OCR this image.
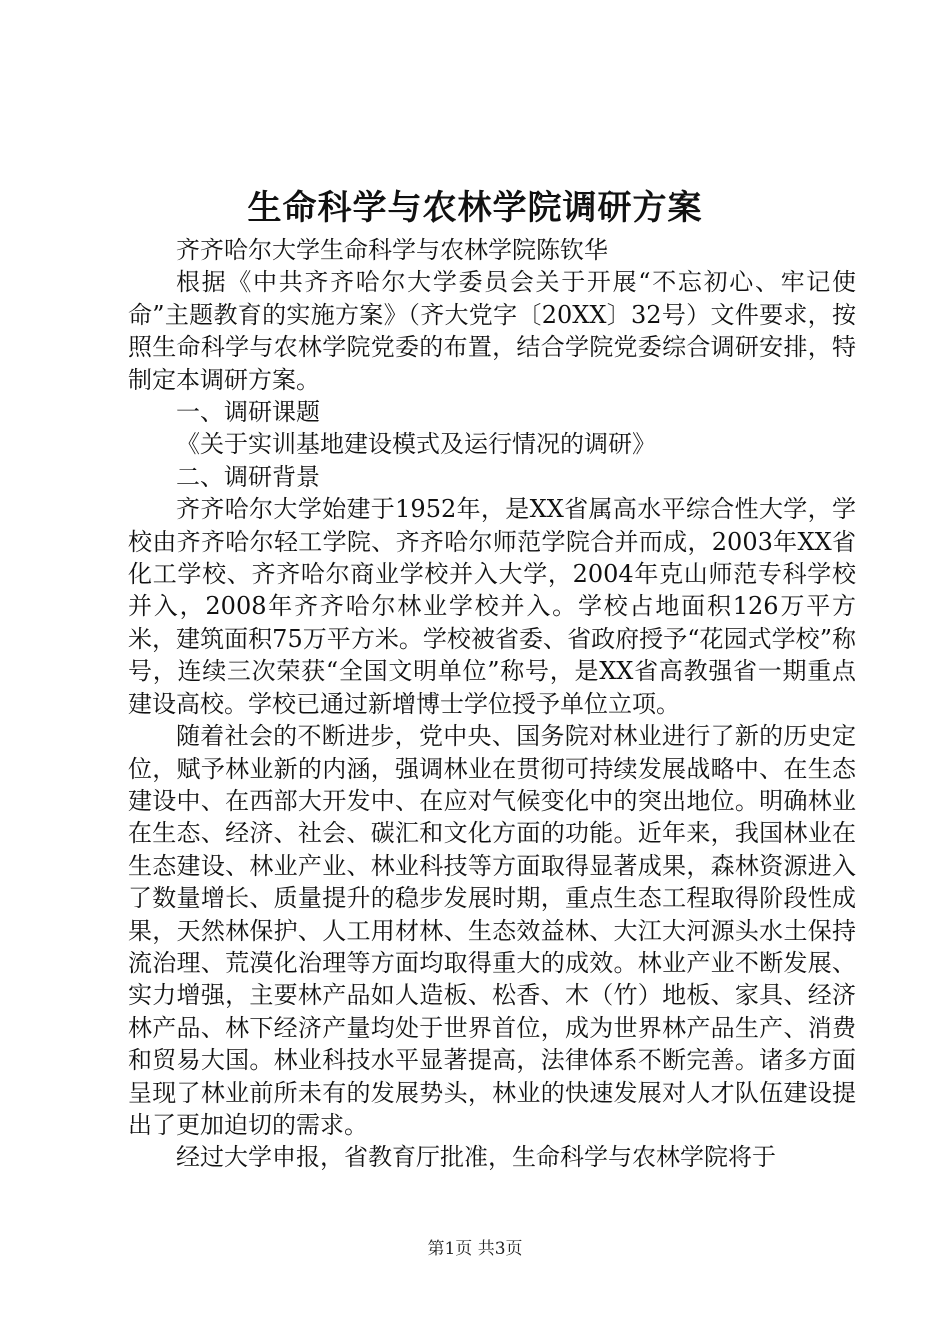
生命科学与农林学院调研方案

齐齐哈尔大学生命科学与农林学院陈钦华

根据《中共齐齐哈尔大学委员会关于开展“不忘初心、牢记使命”主题教育的实施方案》（齐大党字〔20XX〕32号）文件要求，按照生命科学与农林学院党委的布置，结合学院党委综合调研安排，特制定本调研方案。

一、调研课题

《关于实训基地建设模式及运行情况的调研》

二、调研背景

齐齐哈尔大学始建于1952年，是XX省属高水平综合性大学，学校由齐齐哈尔轻工学院、齐齐哈尔师范学院合并而成，2003年XX省化工学校、齐齐哈尔商业学校并入大学，2004年克山师范专科学校并入，2008年齐齐哈尔林业学校并入。学校占地面积126万平方米，建筑面积75万平方米。学校被省委、省政府授予“花园式学校”称号，连续三次荣获“全国文明单位”称号，是XX省高教强省一期重点建设高校。学校已通过新增博士学位授予单位立项。

随着社会的不断进步，党中央、国务院对林业进行了新的历史定位，赋予林业新的内涵，强调林业在贯彻可持续发展战略中、在生态建设中、在西部大开发中、在应对气候变化中的突出地位。明确林业在生态、经济、社会、碳汇和文化方面的功能。近年来，我国林业在生态建设、林业产业、林业科技等方面取得显著成果，森林资源进入了数量增长、质量提升的稳步发展时期，重点生态工程取得阶段性成果，天然林保护、人工用材林、生态效益林、大江大河源头水土保持流治理、荒漠化治理等方面均取得重大的成效。林业产业不断发展、实力增强，主要林产品如人造板、松香、木（竹）地板、家具、经济林产品、林下经济产量均处于世界首位，成为世界林产品生产、消费和贸易大国。林业科技水平显著提高，法律体系不断完善。诸多方面呈现了林业前所未有的发展势头，林业的快速发展对人才队伍建设提出了更加迫切的需求。

经过大学申报，省教育厅批准，生命科学与农林学院将于

第1页 共3页
